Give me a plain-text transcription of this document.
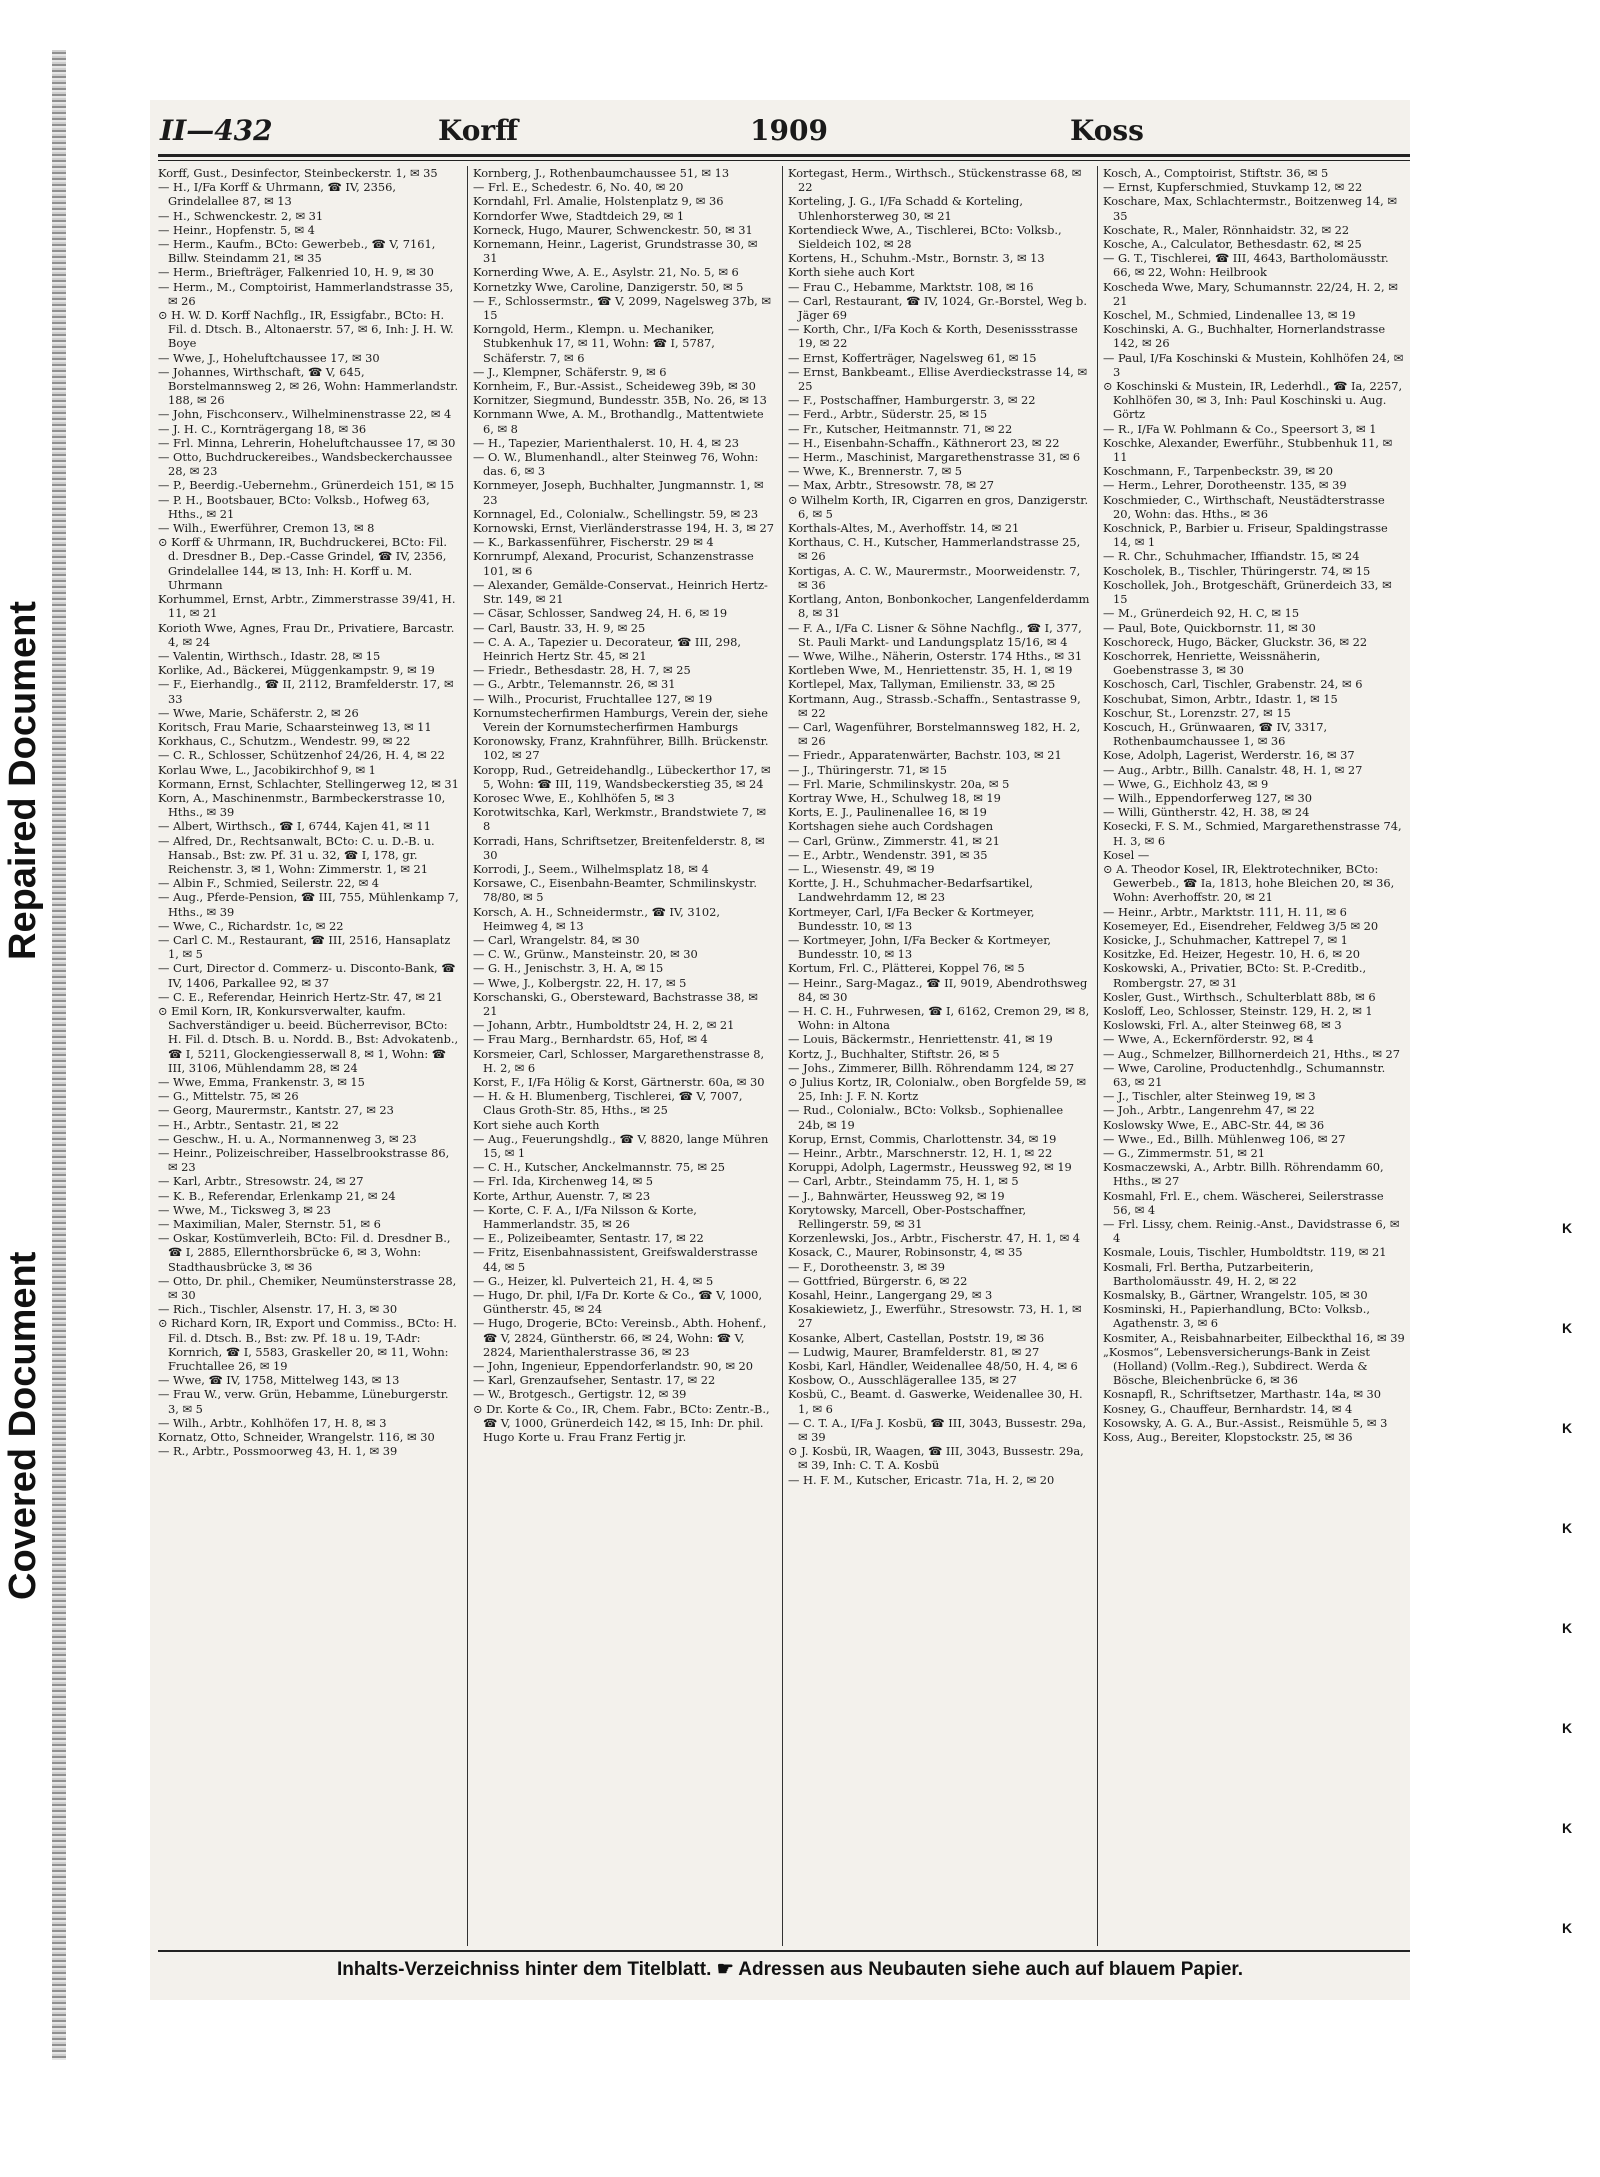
Repaired Document
Covered Document
II—432	Korff	1909	Koss

Korff, Gust., Desinfector, Steinbeckerstr. 1, ✉ 35

— H., I/Fa Korff & Uhrmann, ☎ IV, 2356, Grindelallee 87, ✉ 13

— H., Schwenckestr. 2, ✉ 31

— Heinr., Hopfenstr. 5, ✉ 4

— Herm., Kaufm., BCto: Gewerbeb., ☎ V, 7161, Billw. Steindamm 21, ✉ 35

— Herm., Briefträger, Falkenried 10, H. 9, ✉ 30

— Herm., M., Comptoirist, Hammerlandstrasse 35, ✉ 26

⊙ H. W. D. Korff Nachflg., IR, Essigfabr., BCto: H. Fil. d. Dtsch. B., Altonaerstr. 57, ✉ 6, Inh: J. H. W. Boye

— Wwe, J., Hoheluftchaussee 17, ✉ 30

— Johannes, Wirthschaft, ☎ V, 645, Borstelmannsweg 2, ✉ 26, Wohn: Hammerlandstr. 188, ✉ 26

— John, Fischconserv., Wilhelminenstrasse 22, ✉ 4

— J. H. C., Kornträgergang 18, ✉ 36

— Frl. Minna, Lehrerin, Hoheluftchaussee 17, ✉ 30

— Otto, Buchdruckereibes., Wandsbeckerchaussee 28, ✉ 23

— P., Beerdig.-Uebernehm., Grünerdeich 151, ✉ 15

— P. H., Bootsbauer, BCto: Volksb., Hofweg 63, Hths., ✉ 21

— Wilh., Ewerführer, Cremon 13, ✉ 8

⊙ Korff & Uhrmann, IR, Buchdruckerei, BCto: Fil. d. Dresdner B., Dep.-Casse Grindel, ☎ IV, 2356, Grindelallee 144, ✉ 13, Inh: H. Korff u. M. Uhrmann

Korhummel, Ernst, Arbtr., Zimmerstrasse 39/41, H. 11, ✉ 21

Korioth Wwe, Agnes, Frau Dr., Privatiere, Barcastr. 4, ✉ 24

— Valentin, Wirthsch., Idastr. 28, ✉ 15

Korlike, Ad., Bäckerei, Müggenkampstr. 9, ✉ 19

— F., Eierhandlg., ☎ II, 2112, Bramfelderstr. 17, ✉ 33

— Wwe, Marie, Schäferstr. 2, ✉ 26

Koritsch, Frau Marie, Schaarsteinweg 13, ✉ 11

Korkhaus, C., Schutzm., Wendestr. 99, ✉ 22

— C. R., Schlosser, Schützenhof 24/26, H. 4, ✉ 22

Korlau Wwe, L., Jacobikirchhof 9, ✉ 1

Kormann, Ernst, Schlachter, Stellingerweg 12, ✉ 31

Korn, A., Maschinenmstr., Barmbeckerstrasse 10, Hths., ✉ 39

— Albert, Wirthsch., ☎ I, 6744, Kajen 41, ✉ 11

— Alfred, Dr., Rechtsanwalt, BCto: C. u. D.-B. u. Hansab., Bst: zw. Pf. 31 u. 32, ☎ I, 178, gr. Reichenstr. 3, ✉ 1, Wohn: Zimmerstr. 1, ✉ 21

— Albin F., Schmied, Seilerstr. 22, ✉ 4

— Aug., Pferde-Pension, ☎ III, 755, Mühlenkamp 7, Hths., ✉ 39

— Wwe, C., Richardstr. 1c, ✉ 22

— Carl C. M., Restaurant, ☎ III, 2516, Hansaplatz 1, ✉ 5

— Curt, Director d. Commerz- u. Disconto-Bank, ☎ IV, 1406, Parkallee 92, ✉ 37

— C. E., Referendar, Heinrich Hertz-Str. 47, ✉ 21

⊙ Emil Korn, IR, Konkursverwalter, kaufm. Sachverständiger u. beeid. Bücherrevisor, BCto: H. Fil. d. Dtsch. B. u. Nordd. B., Bst: Advokatenb., ☎ I, 5211, Glockengiesserwall 8, ✉ 1, Wohn: ☎ III, 3106, Mühlendamm 28, ✉ 24

— Wwe, Emma, Frankenstr. 3, ✉ 15

— G., Mittelstr. 75, ✉ 26

— Georg, Maurermstr., Kantstr. 27, ✉ 23

— H., Arbtr., Sentastr. 21, ✉ 22

— Geschw., H. u. A., Normannenweg 3, ✉ 23

— Heinr., Polizeischreiber, Hasselbrookstrasse 86, ✉ 23

— Karl, Arbtr., Stresowstr. 24, ✉ 27

— K. B., Referendar, Erlenkamp 21, ✉ 24

— Wwe, M., Ticksweg 3, ✉ 23

— Maximilian, Maler, Sternstr. 51, ✉ 6

— Oskar, Kostümverleih, BCto: Fil. d. Dresdner B., ☎ I, 2885, Ellernthorsbrücke 6, ✉ 3, Wohn: Stadthausbrücke 3, ✉ 36

— Otto, Dr. phil., Chemiker, Neumünsterstrasse 28, ✉ 30

— Rich., Tischler, Alsenstr. 17, H. 3, ✉ 30

⊙ Richard Korn, IR, Export und Commiss., BCto: H. Fil. d. Dtsch. B., Bst: zw. Pf. 18 u. 19, T-Adr: Kornrich, ☎ I, 5583, Graskeller 20, ✉ 11, Wohn: Fruchtallee 26, ✉ 19

— Wwe, ☎ IV, 1758, Mittelweg 143, ✉ 13

— Frau W., verw. Grün, Hebamme, Lüneburgerstr. 3, ✉ 5

— Wilh., Arbtr., Kohlhöfen 17, H. 8, ✉ 3

Kornatz, Otto, Schneider, Wrangelstr. 116, ✉ 30

— R., Arbtr., Possmoorweg 43, H. 1, ✉ 39

Kornberg, J., Rothenbaumchaussee 51, ✉ 13

— Frl. E., Schedestr. 6, No. 40, ✉ 20

Korndahl, Frl. Amalie, Holstenplatz 9, ✉ 36

Korndorfer Wwe, Stadtdeich 29, ✉ 1

Korneck, Hugo, Maurer, Schwenckestr. 50, ✉ 31

Kornemann, Heinr., Lagerist, Grundstrasse 30, ✉ 31

Kornerding Wwe, A. E., Asylstr. 21, No. 5, ✉ 6

Kornetzky Wwe, Caroline, Danzigerstr. 50, ✉ 5

— F., Schlossermstr., ☎ V, 2099, Nagelsweg 37b, ✉ 15

Korngold, Herm., Klempn. u. Mechaniker, Stubkenhuk 17, ✉ 11, Wohn: ☎ I, 5787, Schäferstr. 7, ✉ 6

— J., Klempner, Schäferstr. 9, ✉ 6

Kornheim, F., Bur.-Assist., Scheideweg 39b, ✉ 30

Kornitzer, Siegmund, Bundesstr. 35B, No. 26, ✉ 13

Kornmann Wwe, A. M., Brothandlg., Mattentwiete 6, ✉ 8

— H., Tapezier, Marienthalerst. 10, H. 4, ✉ 23

— O. W., Blumenhandl., alter Steinweg 76, Wohn: das. 6, ✉ 3

Kornmeyer, Joseph, Buchhalter, Jungmannstr. 1, ✉ 23

Kornnagel, Ed., Colonialw., Schellingstr. 59, ✉ 23

Kornowski, Ernst, Vierländerstrasse 194, H. 3, ✉ 27

— K., Barkassenführer, Fischerstr. 29 ✉ 4

Kornrumpf, Alexand, Procurist, Schanzenstrasse 101, ✉ 6

— Alexander, Gemälde-Conservat., Heinrich Hertz-Str. 149, ✉ 21

— Cäsar, Schlosser, Sandweg 24, H. 6, ✉ 19

— Carl, Baustr. 33, H. 9, ✉ 25

— C. A. A., Tapezier u. Decorateur, ☎ III, 298, Heinrich Hertz Str. 45, ✉ 21

— Friedr., Bethesdastr. 28, H. 7, ✉ 25

— G., Arbtr., Telemannstr. 26, ✉ 31

— Wilh., Procurist, Fruchtallee 127, ✉ 19

Kornumstecherfirmen Hamburgs, Verein der, siehe Verein der Kornumstecherfirmen Hamburgs

Koronowsky, Franz, Krahnführer, Billh. Brückenstr. 102, ✉ 27

Koropp, Rud., Getreidehandlg., Lübeckerthor 17, ✉ 5, Wohn: ☎ III, 119, Wandsbeckerstieg 35, ✉ 24

Korosec Wwe, E., Kohlhöfen 5, ✉ 3

Korotwitschka, Karl, Werkmstr., Brandstwiete 7, ✉ 8

Korradi, Hans, Schriftsetzer, Breitenfelderstr. 8, ✉ 30

Korrodi, J., Seem., Wilhelmsplatz 18, ✉ 4

Korsawe, C., Eisenbahn-Beamter, Schmilinskystr. 78/80, ✉ 5

Korsch, A. H., Schneidermstr., ☎ IV, 3102, Heimweg 4, ✉ 13

— Carl, Wrangelstr. 84, ✉ 30

— C. W., Grünw., Mansteinstr. 20, ✉ 30

— G. H., Jenischstr. 3, H. A, ✉ 15

— Wwe, J., Kolbergstr. 22, H. 17, ✉ 5

Korschanski, G., Obersteward, Bachstrasse 38, ✉ 21

— Johann, Arbtr., Humboldtstr 24, H. 2, ✉ 21

— Frau Marg., Bernhardstr. 65, Hof, ✉ 4

Korsmeier, Carl, Schlosser, Margarethenstrasse 8, H. 2, ✉ 6

Korst, F., I/Fa Hölig & Korst, Gärtnerstr. 60a, ✉ 30

— H. & H. Blumenberg, Tischlerei, ☎ V, 7007, Claus Groth-Str. 85, Hths., ✉ 25

Kort siehe auch Korth

— Aug., Feuerungshdlg., ☎ V, 8820, lange Mühren 15, ✉ 1

— C. H., Kutscher, Anckelmannstr. 75, ✉ 25

— Frl. Ida, Kirchenweg 14, ✉ 5

Korte, Arthur, Auenstr. 7, ✉ 23

— Korte, C. F. A., I/Fa Nilsson & Korte, Hammerlandstr. 35, ✉ 26

— E., Polizeibeamter, Sentastr. 17, ✉ 22

— Fritz, Eisenbahnassistent, Greifswalderstrasse 44, ✉ 5

— G., Heizer, kl. Pulverteich 21, H. 4, ✉ 5

— Hugo, Dr. phil, I/Fa Dr. Korte & Co., ☎ V, 1000, Güntherstr. 45, ✉ 24

— Hugo, Drogerie, BCto: Vereinsb., Abth. Hohenf., ☎ V, 2824, Güntherstr. 66, ✉ 24, Wohn: ☎ V, 2824, Marienthalerstrasse 36, ✉ 23

— John, Ingenieur, Eppendorferlandstr. 90, ✉ 20

— Karl, Grenzaufseher, Sentastr. 17, ✉ 22

— W., Brotgesch., Gertigstr. 12, ✉ 39

⊙ Dr. Korte & Co., IR, Chem. Fabr., BCto: Zentr.-B., ☎ V, 1000, Grünerdeich 142, ✉ 15, Inh: Dr. phil. Hugo Korte u. Frau Franz Fertig jr.

Kortegast, Herm., Wirthsch., Stückenstrasse 68, ✉ 22

Korteling, J. G., I/Fa Schadd & Korteling, Uhlenhorsterweg 30, ✉ 21

Kortendieck Wwe, A., Tischlerei, BCto: Volksb., Sieldeich 102, ✉ 28

Kortens, H., Schuhm.-Mstr., Bornstr. 3, ✉ 13

Korth siehe auch Kort

— Frau C., Hebamme, Marktstr. 108, ✉ 16

— Carl, Restaurant, ☎ IV, 1024, Gr.-Borstel, Weg b. Jäger 69

— Korth, Chr., I/Fa Koch & Korth, Desenissstrasse 19, ✉ 22

— Ernst, Kofferträger, Nagelsweg 61, ✉ 15

— Ernst, Bankbeamt., Ellise Averdieckstrasse 14, ✉ 25

— F., Postschaffner, Hamburgerstr. 3, ✉ 22

— Ferd., Arbtr., Süderstr. 25, ✉ 15

— Fr., Kutscher, Heitmannstr. 71, ✉ 22

— H., Eisenbahn-Schaffn., Käthnerort 23, ✉ 22

— Herm., Maschinist, Margarethenstrasse 31, ✉ 6

— Wwe, K., Brennerstr. 7, ✉ 5

— Max, Arbtr., Stresowstr. 78, ✉ 27

⊙ Wilhelm Korth, IR, Cigarren en gros, Danzigerstr. 6, ✉ 5

Korthals-Altes, M., Averhoffstr. 14, ✉ 21

Korthaus, C. H., Kutscher, Hammerlandstrasse 25, ✉ 26

Kortigas, A. C. W., Maurermstr., Moorweidenstr. 7, ✉ 36

Kortlang, Anton, Bonbonkocher, Langenfelderdamm 8, ✉ 31

— F. A., I/Fa C. Lisner & Söhne Nachflg., ☎ I, 377, St. Pauli Markt- und Landungsplatz 15/16, ✉ 4

— Wwe, Wilhe., Näherin, Osterstr. 174 Hths., ✉ 31

Kortleben Wwe, M., Henriettenstr. 35, H. 1, ✉ 19

Kortlepel, Max, Tallyman, Emilienstr. 33, ✉ 25

Kortmann, Aug., Strassb.-Schaffn., Sentastrasse 9, ✉ 22

— Carl, Wagenführer, Borstelmannsweg 182, H. 2, ✉ 26

— Friedr., Apparatenwärter, Bachstr. 103, ✉ 21

— J., Thüringerstr. 71, ✉ 15

— Frl. Marie, Schmilinskystr. 20a, ✉ 5

Kortray Wwe, H., Schulweg 18, ✉ 19

Korts, E. J., Paulinenallee 16, ✉ 19

Kortshagen siehe auch Cordshagen

— Carl, Grünw., Zimmerstr. 41, ✉ 21

— E., Arbtr., Wendenstr. 391, ✉ 35

— L., Wiesenstr. 49, ✉ 19

Kortte, J. H., Schuhmacher-Bedarfsartikel, Landwehrdamm 12, ✉ 23

Kortmeyer, Carl, I/Fa Becker & Kortmeyer, Bundesstr. 10, ✉ 13

— Kortmeyer, John, I/Fa Becker & Kortmeyer, Bundesstr. 10, ✉ 13

Kortum, Frl. C., Plätterei, Koppel 76, ✉ 5

— Heinr., Sarg-Magaz., ☎ II, 9019, Abendrothsweg 84, ✉ 30

— H. C. H., Fuhrwesen, ☎ I, 6162, Cremon 29, ✉ 8, Wohn: in Altona

— Louis, Bäckermstr., Henriettenstr. 41, ✉ 19

Kortz, J., Buchhalter, Stiftstr. 26, ✉ 5

— Johs., Zimmerer, Billh. Röhrendamm 124, ✉ 27

⊙ Julius Kortz, IR, Colonialw., oben Borgfelde 59, ✉ 25, Inh: J. F. N. Kortz

— Rud., Colonialw., BCto: Volksb., Sophienallee 24b, ✉ 19

Korup, Ernst, Commis, Charlottenstr. 34, ✉ 19

— Heinr., Arbtr., Marschnerstr. 12, H. 1, ✉ 22

Koruppi, Adolph, Lagermstr., Heussweg 92, ✉ 19

— Carl, Arbtr., Steindamm 75, H. 1, ✉ 5

— J., Bahnwärter, Heussweg 92, ✉ 19

Korytowsky, Marcell, Ober-Postschaffner, Rellingerstr. 59, ✉ 31

Korzenlewski, Jos., Arbtr., Fischerstr. 47, H. 1, ✉ 4

Kosack, C., Maurer, Robinsonstr, 4, ✉ 35

— F., Dorotheenstr. 3, ✉ 39

— Gottfried, Bürgerstr. 6, ✉ 22

Kosahl, Heinr., Langergang 29, ✉ 3

Kosakiewietz, J., Ewerführ., Stresowstr. 73, H. 1, ✉ 27

Kosanke, Albert, Castellan, Poststr. 19, ✉ 36

— Ludwig, Maurer, Bramfelderstr. 81, ✉ 27

Kosbi, Karl, Händler, Weidenallee 48/50, H. 4, ✉ 6

Kosbow, O., Ausschlägerallee 135, ✉ 27

Kosbü, C., Beamt. d. Gaswerke, Weidenallee 30, H. 1, ✉ 6

— C. T. A., I/Fa J. Kosbü, ☎ III, 3043, Bussestr. 29a, ✉ 39

⊙ J. Kosbü, IR, Waagen, ☎ III, 3043, Bussestr. 29a, ✉ 39, Inh: C. T. A. Kosbü

— H. F. M., Kutscher, Ericastr. 71a, H. 2, ✉ 20

Kosch, A., Comptoirist, Stiftstr. 36, ✉ 5

— Ernst, Kupferschmied, Stuvkamp 12, ✉ 22

Koschare, Max, Schlachtermstr., Boitzenweg 14, ✉ 35

Koschate, R., Maler, Rönnhaidstr. 32, ✉ 22

Kosche, A., Calculator, Bethesdastr. 62, ✉ 25

— G. T., Tischlerei, ☎ III, 4643, Bartholomäusstr. 66, ✉ 22, Wohn: Heilbrook

Koscheda Wwe, Mary, Schumannstr. 22/24, H. 2, ✉ 21

Koschel, M., Schmied, Lindenallee 13, ✉ 19

Koschinski, A. G., Buchhalter, Hornerlandstrasse 142, ✉ 26

— Paul, I/Fa Koschinski & Mustein, Kohlhöfen 24, ✉ 3

⊙ Koschinski & Mustein, IR, Lederhdl., ☎ Ia, 2257, Kohlhöfen 30, ✉ 3, Inh: Paul Koschinski u. Aug. Görtz

— R., I/Fa W. Pohlmann & Co., Speersort 3, ✉ 1

Koschke, Alexander, Ewerführ., Stubbenhuk 11, ✉ 11

Koschmann, F., Tarpenbeckstr. 39, ✉ 20

— Herm., Lehrer, Dorotheenstr. 135, ✉ 39

Koschmieder, C., Wirthschaft, Neustädterstrasse 20, Wohn: das. Hths., ✉ 36

Koschnick, P., Barbier u. Friseur, Spaldingstrasse 14, ✉ 1

— R. Chr., Schuhmacher, Iffiandstr. 15, ✉ 24

Koscholek, B., Tischler, Thüringerstr. 74, ✉ 15

Koschollek, Joh., Brotgeschäft, Grünerdeich 33, ✉ 15

— M., Grünerdeich 92, H. C, ✉ 15

— Paul, Bote, Quickbornstr. 11, ✉ 30

Koschoreck, Hugo, Bäcker, Gluckstr. 36, ✉ 22

Koschorrek, Henriette, Weissnäherin, Goebenstrasse 3, ✉ 30

Koschosch, Carl, Tischler, Grabenstr. 24, ✉ 6

Koschubat, Simon, Arbtr., Idastr. 1, ✉ 15

Koschur, St., Lorenzstr. 27, ✉ 15

Koscuch, H., Grünwaaren, ☎ IV, 3317, Rothenbaumchaussee 1, ✉ 36

Kose, Adolph, Lagerist, Werderstr. 16, ✉ 37

— Aug., Arbtr., Billh. Canalstr. 48, H. 1, ✉ 27

— Wwe, G., Eichholz 43, ✉ 9

— Wilh., Eppendorferweg 127, ✉ 30

— Willi, Güntherstr. 42, H. 38, ✉ 24

Kosecki, F. S. M., Schmied, Margarethenstrasse 74, H. 3, ✉ 6

Kosel —

⊙ A. Theodor Kosel, IR, Elektrotechniker, BCto: Gewerbeb., ☎ Ia, 1813, hohe Bleichen 20, ✉ 36, Wohn: Averhoffstr. 20, ✉ 21

— Heinr., Arbtr., Marktstr. 111, H. 11, ✉ 6

Kosemeyer, Ed., Eisendreher, Feldweg 3/5 ✉ 20

Kosicke, J., Schuhmacher, Kattrepel 7, ✉ 1

Kositzke, Ed. Heizer, Hegestr. 10, H. 6, ✉ 20

Koskowski, A., Privatier, BCto: St. P.-Creditb., Rombergstr. 27, ✉ 31

Kosler, Gust., Wirthsch., Schulterblatt 88b, ✉ 6

Kosloff, Leo, Schlosser, Steinstr. 129, H. 2, ✉ 1

Koslowski, Frl. A., alter Steinweg 68, ✉ 3

— Wwe, A., Eckernförderstr. 92, ✉ 4

— Aug., Schmelzer, Billhornerdeich 21, Hths., ✉ 27

— Wwe, Caroline, Productenhdlg., Schumannstr. 63, ✉ 21

— J., Tischler, alter Steinweg 19, ✉ 3

— Joh., Arbtr., Langenrehm 47, ✉ 22

Koslowsky Wwe, E., ABC-Str. 44, ✉ 36

— Wwe., Ed., Billh. Mühlenweg 106, ✉ 27

— G., Zimmermstr. 51, ✉ 21

Kosmaczewski, A., Arbtr. Billh. Röhrendamm 60, Hths., ✉ 27

Kosmahl, Frl. E., chem. Wäscherei, Seilerstrasse 56, ✉ 4

— Frl. Lissy, chem. Reinig.-Anst., Davidstrasse 6, ✉ 4

Kosmale, Louis, Tischler, Humboldtstr. 119, ✉ 21

Kosmali, Frl. Bertha, Putzarbeiterin, Bartholomäusstr. 49, H. 2, ✉ 22

Kosmalsky, B., Gärtner, Wrangelstr. 105, ✉ 30

Kosminski, H., Papierhandlung, BCto: Volksb., Agathenstr. 3, ✉ 6

Kosmiter, A., Reisbahnarbeiter, Eilbeckthal 16, ✉ 39

„Kosmos“, Lebensversicherungs-Bank in Zeist (Holland) (Vollm.-Reg.), Subdirect. Werda & Bösche, Bleichenbrücke 6, ✉ 36

Kosnapfl, R., Schriftsetzer, Marthastr. 14a, ✉ 30

Kosney, G., Chauffeur, Bernhardstr. 14, ✉ 4

Kosowsky, A. G. A., Bur.-Assist., Reismühle 5, ✉ 3

Koss, Aug., Bereiter, Klopstockstr. 25, ✉ 36

Inhalts-Verzeichniss hinter dem Titelblatt. ☛ Adressen aus Neubauten siehe auch auf blauem Papier.
K
K
K
K
K
K
K
K
